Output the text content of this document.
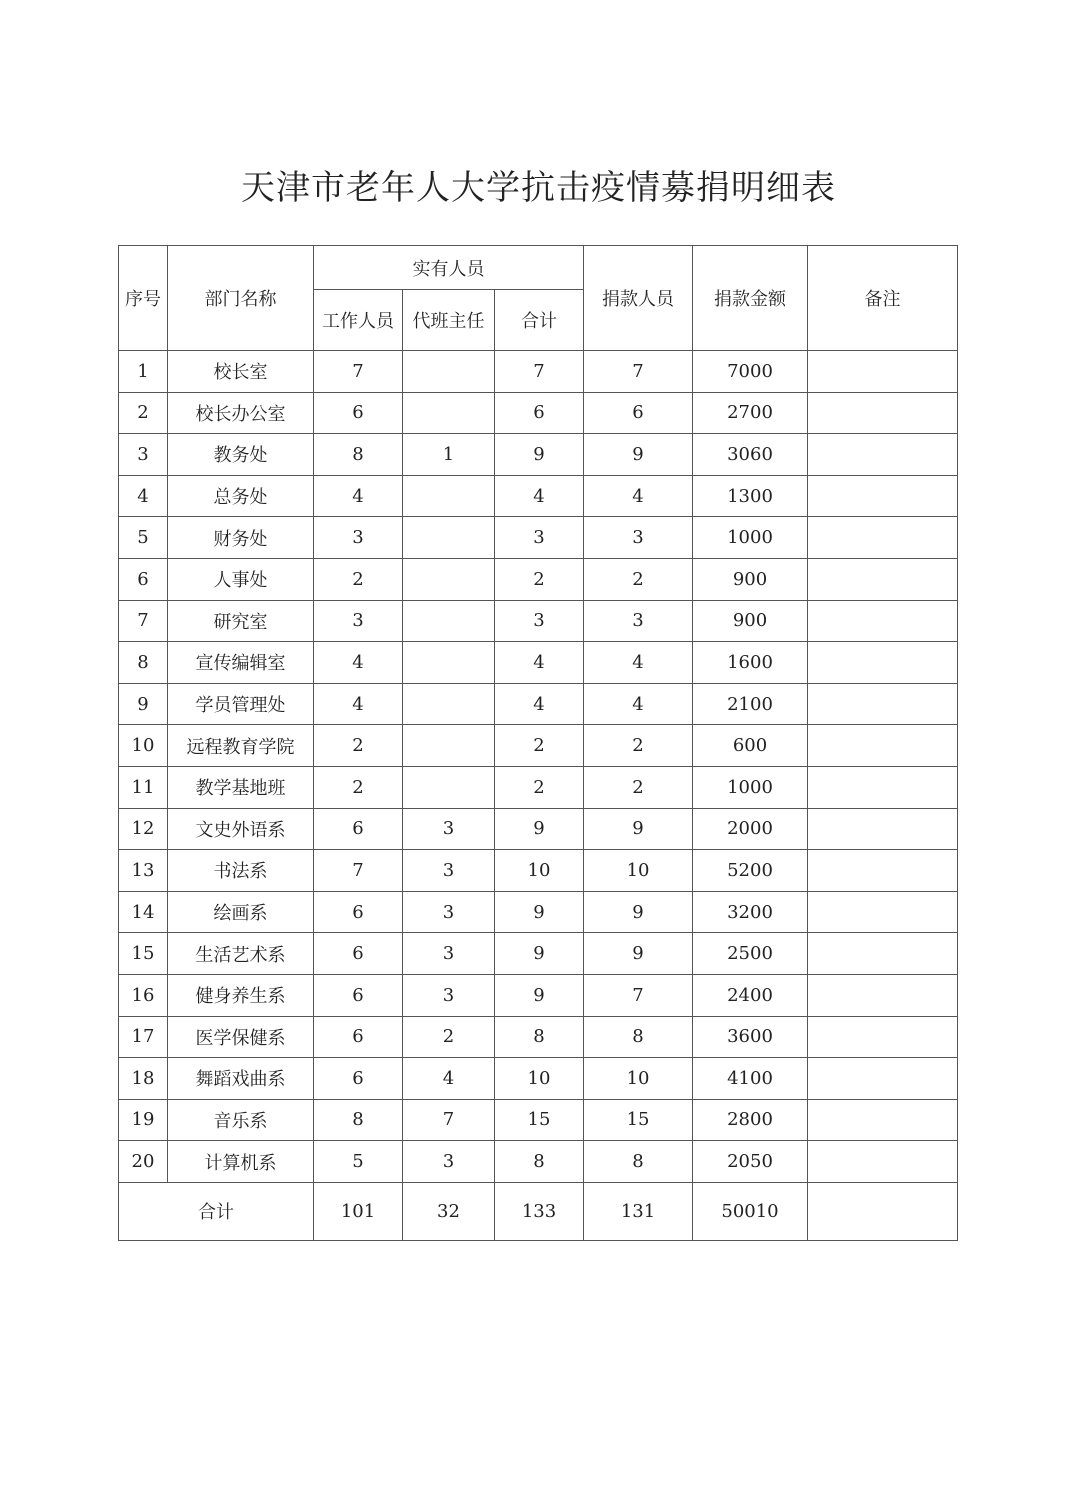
天津市老年人大学抗击疫情募捐明细表
序号	部门名称	实有人员			捐款人员	捐款金额	备注
		工作人员	代班主任	合计			
1	校长室	7		7	7	7000	
2	校长办公室	6		6	6	2700	
3	教务处	8	1	9	9	3060	
4	总务处	4		4	4	1300	
5	财务处	3		3	3	1000	
6	人事处	2		2	2	900	
7	研究室	3		3	3	900	
8	宣传编辑室	4		4	4	1600	
9	学员管理处	4		4	4	2100	
10	远程教育学院	2		2	2	600	
11	教学基地班	2		2	2	1000	
12	文史外语系	6	3	9	9	2000	
13	书法系	7	3	10	10	5200	
14	绘画系	6	3	9	9	3200	
15	生活艺术系	6	3	9	9	2500	
16	健身养生系	6	3	9	7	2400	
17	医学保健系	6	2	8	8	3600	
18	舞蹈戏曲系	6	4	10	10	4100	
19	音乐系	8	7	15	15	2800	
20	计算机系	5	3	8	8	2050	
合计		101	32	133	131	50010	
